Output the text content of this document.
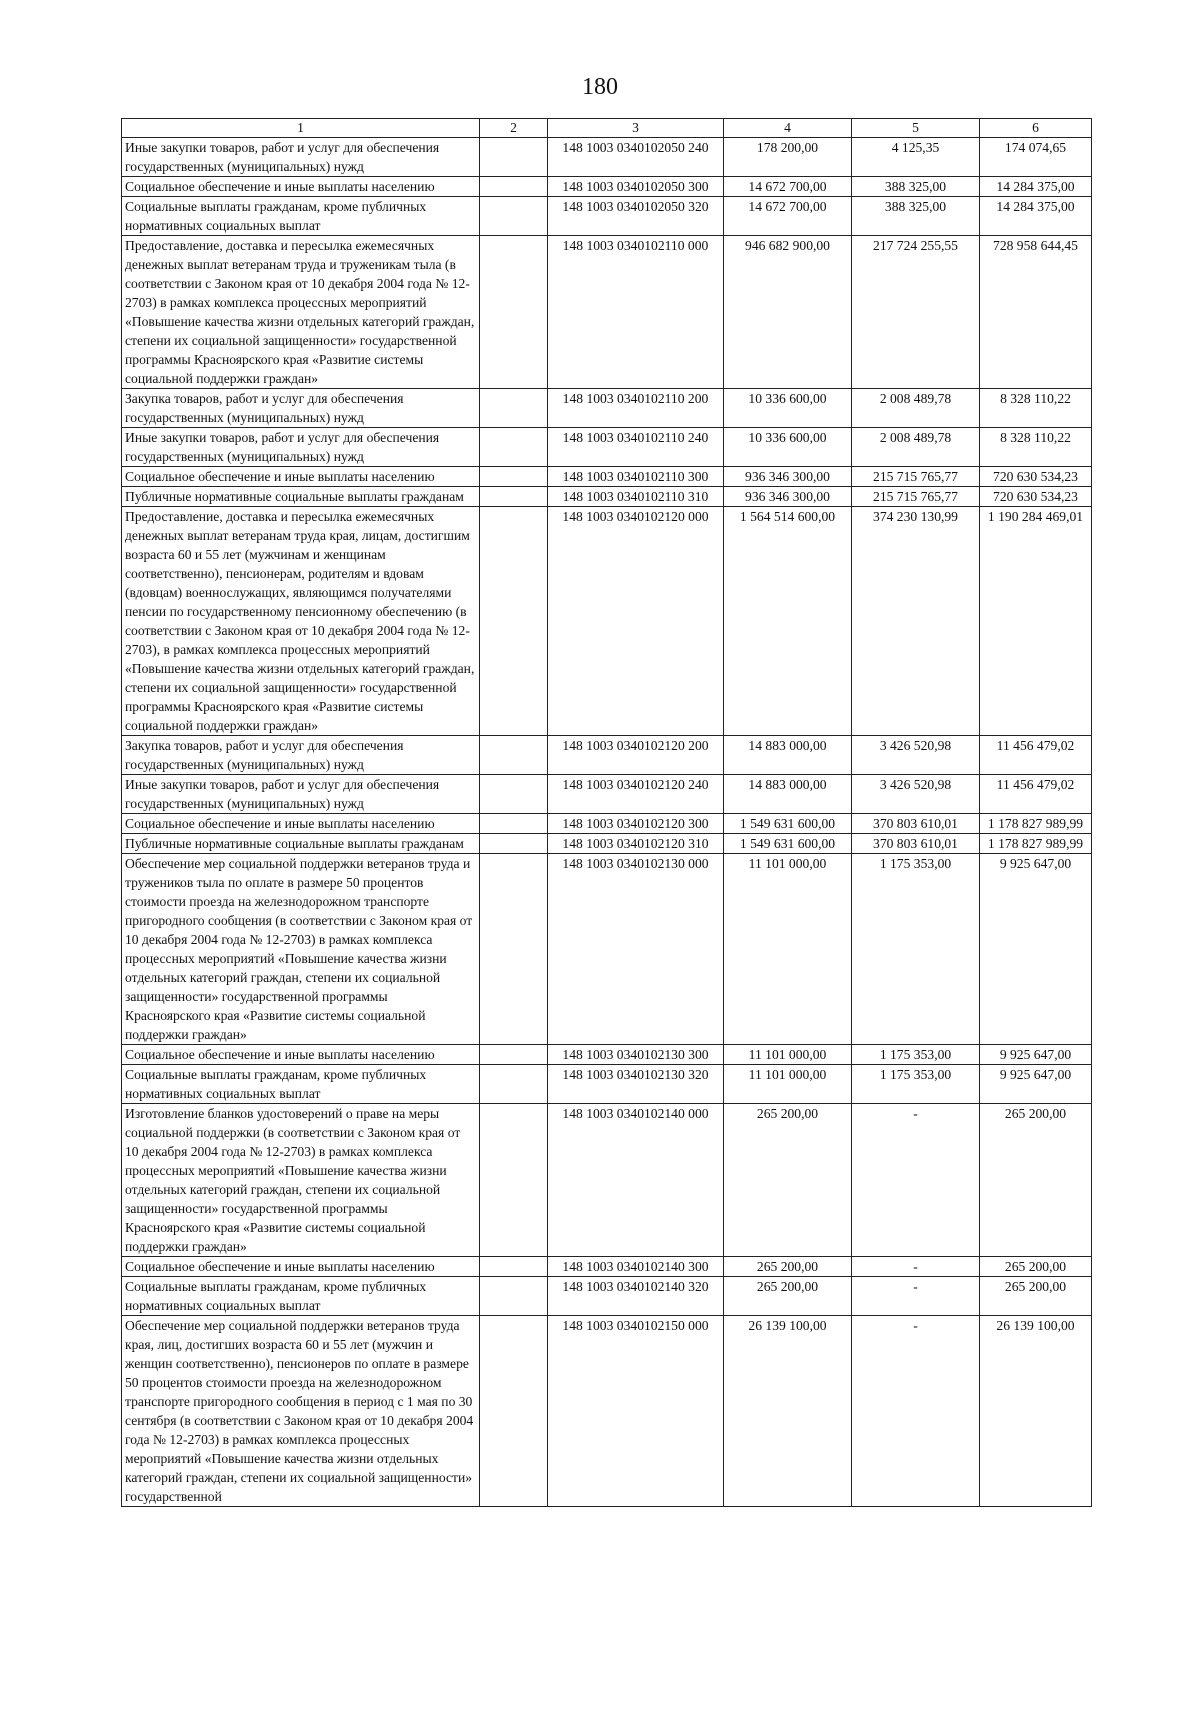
180
1	2	3	4	5	6
Иные закупки товаров, работ и услуг для обеспечения государственных (муниципальных) нужд		148 1003 0340102050 240	178 200,00	4 125,35	174 074,65
Социальное обеспечение и иные выплаты населению		148 1003 0340102050 300	14 672 700,00	388 325,00	14 284 375,00
Социальные выплаты гражданам, кроме публичных нормативных социальных выплат		148 1003 0340102050 320	14 672 700,00	388 325,00	14 284 375,00
Предоставление, доставка и пересылка ежемесячных денежных выплат ветеранам труда и труженикам тыла (в соответствии с Законом края от 10 декабря 2004 года № 12-2703) в рамках комплекса процессных мероприятий «Повышение качества жизни отдельных категорий граждан, степени их социальной защищенности» государственной программы Красноярского края «Развитие системы социальной поддержки граждан»		148 1003 0340102110 000	946 682 900,00	217 724 255,55	728 958 644,45
Закупка товаров, работ и услуг для обеспечения государственных (муниципальных) нужд		148 1003 0340102110 200	10 336 600,00	2 008 489,78	8 328 110,22
Иные закупки товаров, работ и услуг для обеспечения государственных (муниципальных) нужд		148 1003 0340102110 240	10 336 600,00	2 008 489,78	8 328 110,22
Социальное обеспечение и иные выплаты населению		148 1003 0340102110 300	936 346 300,00	215 715 765,77	720 630 534,23
Публичные нормативные социальные выплаты гражданам		148 1003 0340102110 310	936 346 300,00	215 715 765,77	720 630 534,23
Предоставление, доставка и пересылка ежемесячных денежных выплат ветеранам труда края, лицам, достигшим возраста 60 и 55 лет (мужчинам и женщинам соответственно), пенсионерам, родителям и вдовам (вдовцам) военнослужащих, являющимся получателями пенсии по государственному пенсионному обеспечению (в соответствии с Законом края от 10 декабря 2004 года № 12-2703), в рамках комплекса процессных мероприятий «Повышение качества жизни отдельных категорий граждан, степени их социальной защищенности» государственной программы Красноярского края «Развитие системы социальной поддержки граждан»		148 1003 0340102120 000	1 564 514 600,00	374 230 130,99	1 190 284 469,01
Закупка товаров, работ и услуг для обеспечения государственных (муниципальных) нужд		148 1003 0340102120 200	14 883 000,00	3 426 520,98	11 456 479,02
Иные закупки товаров, работ и услуг для обеспечения государственных (муниципальных) нужд		148 1003 0340102120 240	14 883 000,00	3 426 520,98	11 456 479,02
Социальное обеспечение и иные выплаты населению		148 1003 0340102120 300	1 549 631 600,00	370 803 610,01	1 178 827 989,99
Публичные нормативные социальные выплаты гражданам		148 1003 0340102120 310	1 549 631 600,00	370 803 610,01	1 178 827 989,99
Обеспечение мер социальной поддержки ветеранов труда и тружеников тыла по оплате в размере 50 процентов стоимости проезда на железнодорожном транспорте пригородного сообщения (в соответствии с Законом края от 10 декабря 2004 года № 12-2703) в рамках комплекса процессных мероприятий «Повышение качества жизни отдельных категорий граждан, степени их социальной защищенности» государственной программы Красноярского края «Развитие системы социальной поддержки граждан»		148 1003 0340102130 000	11 101 000,00	1 175 353,00	9 925 647,00
Социальное обеспечение и иные выплаты населению		148 1003 0340102130 300	11 101 000,00	1 175 353,00	9 925 647,00
Социальные выплаты гражданам, кроме публичных нормативных социальных выплат		148 1003 0340102130 320	11 101 000,00	1 175 353,00	9 925 647,00
Изготовление бланков удостоверений о праве на меры социальной поддержки (в соответствии с Законом края от 10 декабря 2004 года № 12-2703) в рамках комплекса процессных мероприятий «Повышение качества жизни отдельных категорий граждан, степени их социальной защищенности» государственной программы Красноярского края «Развитие системы социальной поддержки граждан»		148 1003 0340102140 000	265 200,00	-	265 200,00
Социальное обеспечение и иные выплаты населению		148 1003 0340102140 300	265 200,00	-	265 200,00
Социальные выплаты гражданам, кроме публичных нормативных социальных выплат		148 1003 0340102140 320	265 200,00	-	265 200,00
Обеспечение мер социальной поддержки ветеранов труда края, лиц, достигших возраста 60 и 55 лет (мужчин и женщин соответственно), пенсионеров по оплате в размере 50 процентов стоимости проезда на железнодорожном транспорте пригородного сообщения в период с 1 мая по 30 сентября (в соответствии с Законом края от 10 декабря 2004 года № 12-2703) в рамках комплекса процессных мероприятий «Повышение качества жизни отдельных категорий граждан, степени их социальной защищенности» государственной		148 1003 0340102150 000	26 139 100,00	-	26 139 100,00
